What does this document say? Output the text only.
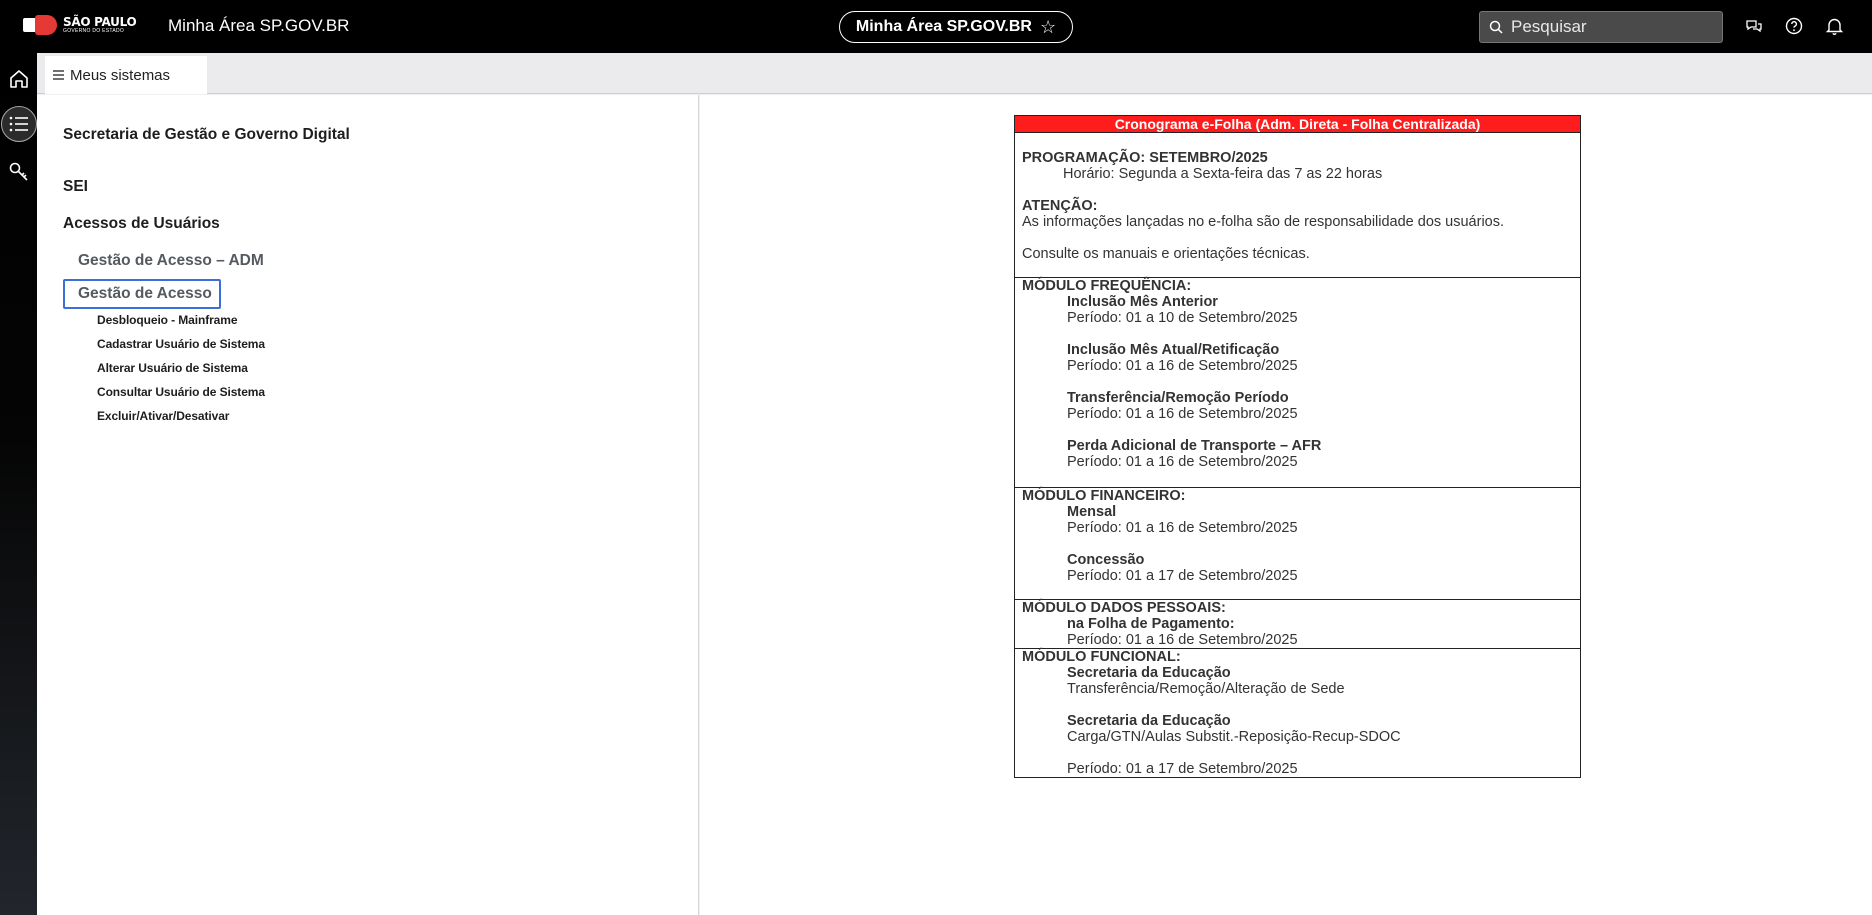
SÃO PAULO
GOVERNO DO ESTADO	Minha Área SP.GOV.BR	Minha Área SP.GOV.BR ☆
Pesquisar
Meus sistemas
Secretaria de Gestão e Governo Digital
SEI
Acessos de Usuários
Gestão de Acesso – ADM
Gestão de Acesso
Desbloqueio - Mainframe
Cadastrar Usuário de Sistema
Alterar Usuário de Sistema
Consultar Usuário de Sistema
Excluir/Ativar/Desativar
Cronograma e-Folha (Adm. Direta - Folha Centralizada)
PROGRAMAÇÃO: SETEMBRO/2025
Horário: Segunda a Sexta-feira das 7 as 22 horas
ATENÇÃO:
As informações lançadas no e-folha são de responsabilidade dos usuários.
Consulte os manuais e orientações técnicas.
MÓDULO FREQUÊNCIA:
Inclusão Mês Anterior
Período: 01 a 10 de Setembro/2025
Inclusão Mês Atual/Retificação
Período: 01 a 16 de Setembro/2025
Transferência/Remoção Período
Período: 01 a 16 de Setembro/2025
Perda Adicional de Transporte – AFR
Período: 01 a 16 de Setembro/2025
MÓDULO FINANCEIRO:
Mensal
Período: 01 a 16 de Setembro/2025
Concessão
Período: 01 a 17 de Setembro/2025
MÓDULO DADOS PESSOAIS:
na Folha de Pagamento:
Período: 01 a 16 de Setembro/2025
MÓDULO FUNCIONAL:
Secretaria da Educação
Transferência/Remoção/Alteração de Sede
Secretaria da Educação
Carga/GTN/Aulas Substit.-Reposição-Recup-SDOC
Período: 01 a 17 de Setembro/2025
